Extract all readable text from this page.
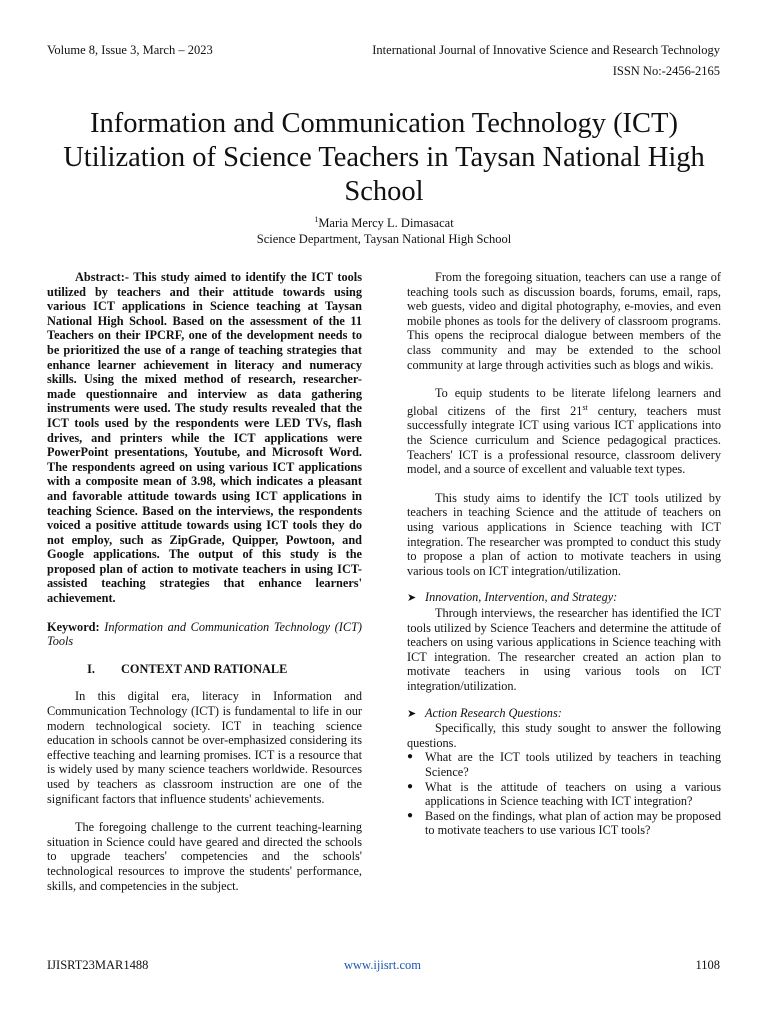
Volume 8, Issue 3, March – 2023	International Journal of Innovative Science and Research Technology
ISSN No:-2456-2165
Information and Communication Technology (ICT) Utilization of Science Teachers in Taysan National High School
$^1$Maria Mercy L. Dimasacat
Science Department, Taysan National High School

Abstract:- This study aimed to identify the ICT tools utilized by teachers and their attitude towards using various ICT applications in Science teaching at Taysan National High School. Based on the assessment of the 11 Teachers on their IPCRF, one of the development needs to be prioritized the use of a range of teaching strategies that enhance learner achievement in literacy and numeracy skills. Using the mixed method of research, researcher-made questionnaire and interview as data gathering instruments were used. The study results revealed that the ICT tools used by the respondents were LED TVs, flash drives, and printers while the ICT applications were PowerPoint presentations, Youtube, and Microsoft Word. The respondents agreed on using various ICT applications with a composite mean of 3.98, which indicates a pleasant and favorable attitude towards using ICT applications in teaching Science. Based on the interviews, the respondents voiced a positive attitude towards using ICT tools they do not employ, such as ZipGrade, Quipper, Powtoon, and Google applications. The output of this study is the proposed plan of action to motivate teachers in using ICT-assisted teaching strategies that enhance learners' achievement.

Keyword: Information and Communication Technology (ICT) Tools

I.	CONTEXT AND RATIONALE

In this digital era, literacy in Information and Communication Technology (ICT) is fundamental to life in our modern technological society. ICT in teaching science education in schools cannot be over-emphasized considering its effective teaching and learning promises. ICT is a resource that is widely used by many science teachers worldwide. Resources used by teachers as classroom instruction are one of the significant factors that influence students' achievements.

The foregoing challenge to the current teaching-learning situation in Science could have geared and directed the schools to upgrade teachers' competencies and the schools' technological resources to improve the students' performance, skills, and competencies in the subject.

From the foregoing situation, teachers can use a range of teaching tools such as discussion boards, forums, email, raps, web guests, video and digital photography, e-movies, and even mobile phones as tools for the delivery of classroom programs. This opens the reciprocal dialogue between members of the class community and may be extended to the school community at large through activities such as blogs and wikis.

To equip students to be literate lifelong learners and global citizens of the first 21st century, teachers must successfully integrate ICT using various ICT applications into the Science curriculum and Science pedagogical practices. Teachers' ICT is a professional resource, classroom delivery model, and a source of excellent and valuable text types.

This study aims to identify the ICT tools utilized by teachers in teaching Science and the attitude of teachers on using various applications in Science teaching with ICT integration. The researcher was prompted to conduct this study to propose a plan of action to motivate teachers in using various tools on ICT integration/utilization.

➤ Innovation, Intervention, and Strategy:

Through interviews, the researcher has identified the ICT tools utilized by Science Teachers and determine the attitude of teachers on using various applications in Science teaching with ICT integration. The researcher created an action plan to motivate teachers in using various tools on ICT integration/utilization.

➤ Action Research Questions:

Specifically, this study sought to answer the following questions.

● What are the ICT tools utilized by teachers in teaching Science?
● What is the attitude of teachers on using a various applications in Science teaching with ICT integration?
● Based on the findings, what plan of action may be proposed to motivate teachers to use various ICT tools?
IJISRT23MAR1488	www.ijisrt.com	1108
